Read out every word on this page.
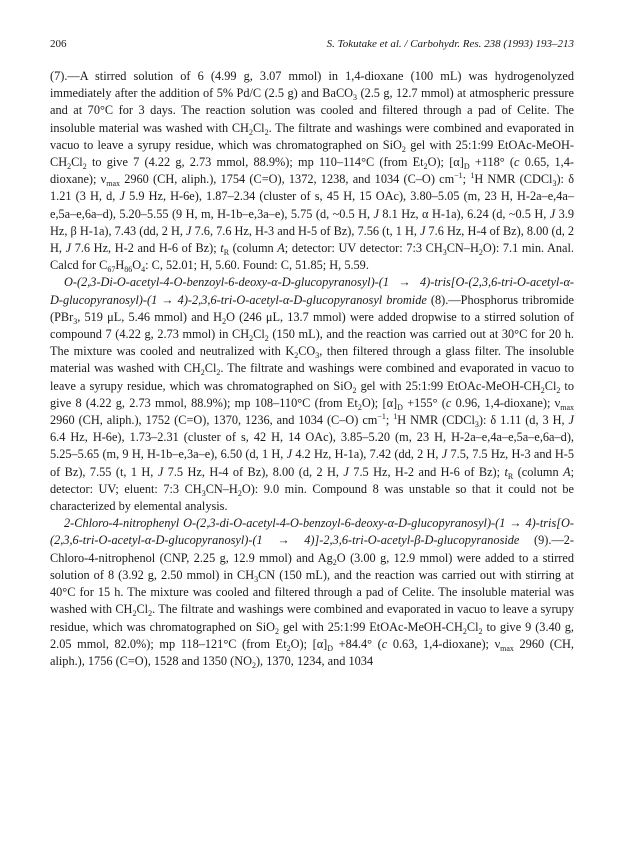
206	S. Tokutake et al. / Carbohydr. Res. 238 (1993) 193–213

(7).—A stirred solution of 6 (4.99 g, 3.07 mmol) in 1,4-dioxane (100 mL) was hydrogenolyzed immediately after the addition of 5% Pd/C (2.5 g) and BaCO$_3$ (2.5 g, 12.7 mmol) at atmospheric pressure and at 70°C for 3 days. The reaction solution was cooled and filtered through a pad of Celite. The insoluble material was washed with $CH_2Cl_2$. The filtrate and washings were combined and evaporated in vacuo to leave a syrupy residue, which was chromatographed on SiO$_2$ gel with 25:1:99 EtOAc-$MeOH-CH_2Cl_2$ to give 7 (4.22 g, 2.73 mmol, 88.9%); mp 110–114°C (from $Et_2O$); $[\alpha]_D +118^\circ$ (c 0.65, 1,4-dioxane); $\nu_{max}$ 2960 (CH, aliph.), 1754 (C=O), 1372, 1238, and 1034 (C–O) $cm^{-1}$; $^1$H NMR (CDCl$_3$): δ 1.21 (3 H, d, J 5.9 Hz, H-6e), 1.87–2.34 (cluster of s, 45 H, 15 OAc), 3.80–5.05 (m, 23 H, H-2a–e,4a–e,5a–e,6a–d), 5.20–5.55 (9 H, m, H-1b–e,3a–e), 5.75 (d, ~0.5 H, J 8.1 Hz, α H-1a), 6.24 (d, ~0.5 H, J 3.9 Hz, β H-1a), 7.43 (dd, 2 H, J 7.6, 7.6 Hz, H-3 and H-5 of Bz), 7.56 (t, 1 H, J 7.6 Hz, H-4 of Bz), 8.00 (d, 2 H, J 7.6 Hz, H-2 and H-6 of Bz); $t_R$ (column A; detector: UV detector: 7:3 $CH_3CN-H_2O$): 7.1 min. Anal. Calcd for $C_{67}H_{86}O_4$: C, 52.01; H, 5.60. Found: C, 51.85; H, 5.59.

O-(2,3-Di-O-acetyl-4-O-benzoyl-6-deoxy-α-D-glucopyranosyl)-(1 → 4)-tris[O-(2,3,6-tri-O-acetyl-α-D-glucopyranosyl)-(1 → 4)-2,3,6-tri-O-acetyl-α-D-glucopyranosyl bromide (8).—Phosphorus tribromide (PBr$_3$, 519 μL, 5.46 mmol) and $H_2O$ (246 μL, 13.7 mmol) were added dropwise to a stirred solution of compound 7 (4.22 g, 2.73 mmol) in $CH_2Cl_2$ (150 mL), and the reaction was carried out at 30°C for 20 h. The mixture was cooled and neutralized with $K_2CO_3$, then filtered through a glass filter. The insoluble material was washed with $CH_2Cl_2$. The filtrate and washings were combined and evaporated in vacuo to leave a syrupy residue, which was chromatographed on SiO$_2$ gel with 25:1:99 EtOAc-$MeOH-CH_2Cl_2$ to give 8 (4.22 g, 2.73 mmol, 88.9%); mp 108–110°C (from $Et_2O$); $[\alpha]_D +155^\circ$ (c 0.96, 1,4-dioxane); $\nu_{max}$ 2960 (CH, aliph.), 1752 (C=O), 1370, 1236, and 1034 (C–O) $cm^{-1}$; $^1$H NMR (CDCl$_3$): δ 1.11 (d, 3 H, J 6.4 Hz, H-6e), 1.73–2.31 (cluster of s, 42 H, 14 OAc), 3.85–5.20 (m, 23 H, H-2a–e,4a–e,5a–e,6a–d), 5.25–5.65 (m, 9 H, H-1b–e,3a–e), 6.50 (d, 1 H, J 4.2 Hz, H-1a), 7.42 (dd, 2 H, J 7.5, 7.5 Hz, H-3 and H-5 of Bz), 7.55 (t, 1 H, J 7.5 Hz, H-4 of Bz), 8.00 (d, 2 H, J 7.5 Hz, H-2 and H-6 of Bz); $t_R$ (column A; detector: UV; eluent: 7:3 $CH_3CN-H_2O$): 9.0 min. Compound 8 was unstable so that it could not be characterized by elemental analysis.

2-Chloro-4-nitrophenyl O-(2,3-di-O-acetyl-4-O-benzoyl-6-deoxy-α-D-glucopyranosyl)-(1 → 4)-tris[O-(2,3,6-tri-O-acetyl-α-D-glucopyranosyl)-(1 → 4)]-2,3,6-tri-O-acetyl-β-D-glucopyranoside (9).—2-Chloro-4-nitrophenol (CNP, 2.25 g, 12.9 mmol) and $Ag_2O$ (3.00 g, 12.9 mmol) were added to a stirred solution of 8 (3.92 g, 2.50 mmol) in $CH_3CN$ (150 mL), and the reaction was carried out with stirring at 40°C for 15 h. The mixture was cooled and filtered through a pad of Celite. The insoluble material was washed with $CH_2Cl_2$. The filtrate and washings were combined and evaporated in vacuo to leave a syrupy residue, which was chromatographed on SiO$_2$ gel with 25:1:99 EtOAc-$MeOH-CH_2Cl_2$ to give 9 (3.40 g, 2.05 mmol, 82.0%); mp 118–121°C (from $Et_2O$); $[\alpha]_D +84.4^\circ$ (c 0.63, 1,4-dioxane); $\nu_{max}$ 2960 (CH, aliph.), 1756 (C=O), 1528 and 1350 $(NO_2)$, 1370, 1234, and 1034
